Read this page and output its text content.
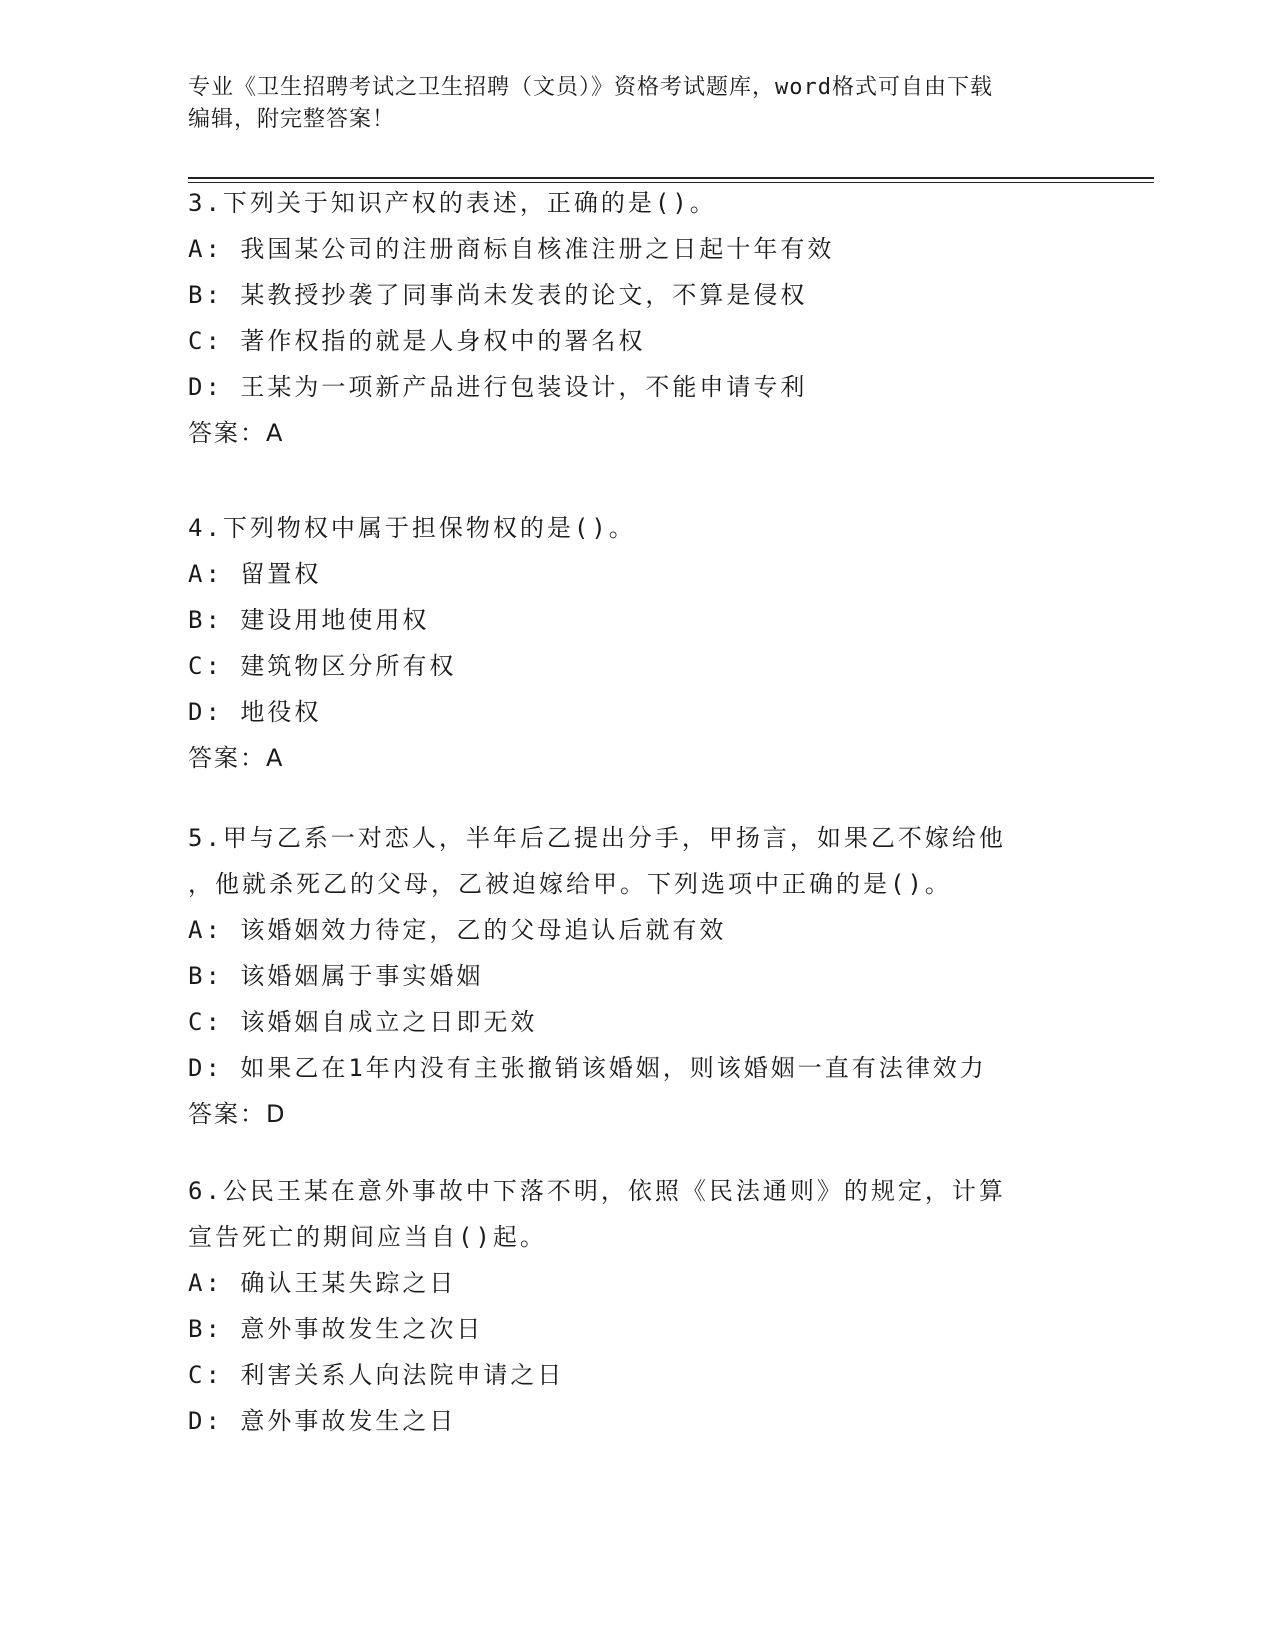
专业《卫生招聘考试之卫生招聘（文员）》资格考试题库，word格式可自由下载
编辑，附完整答案！
3.下列关于知识产权的表述，正确的是()。
A: 我国某公司的注册商标自核准注册之日起十年有效
B: 某教授抄袭了同事尚未发表的论文，不算是侵权
C: 著作权指的就是人身权中的署名权
D: 王某为一项新产品进行包装设计，不能申请专利
答案：A
4.下列物权中属于担保物权的是()。
A: 留置权
B: 建设用地使用权
C: 建筑物区分所有权
D: 地役权
答案：A
5.甲与乙系一对恋人，半年后乙提出分手，甲扬言，如果乙不嫁给他
，他就杀死乙的父母，乙被迫嫁给甲。下列选项中正确的是()。
A: 该婚姻效力待定，乙的父母追认后就有效
B: 该婚姻属于事实婚姻
C: 该婚姻自成立之日即无效
D: 如果乙在1年内没有主张撤销该婚姻，则该婚姻一直有法律效力
答案：D
6.公民王某在意外事故中下落不明，依照《民法通则》的规定，计算
宣告死亡的期间应当自()起。
A: 确认王某失踪之日
B: 意外事故发生之次日
C: 利害关系人向法院申请之日
D: 意外事故发生之日
